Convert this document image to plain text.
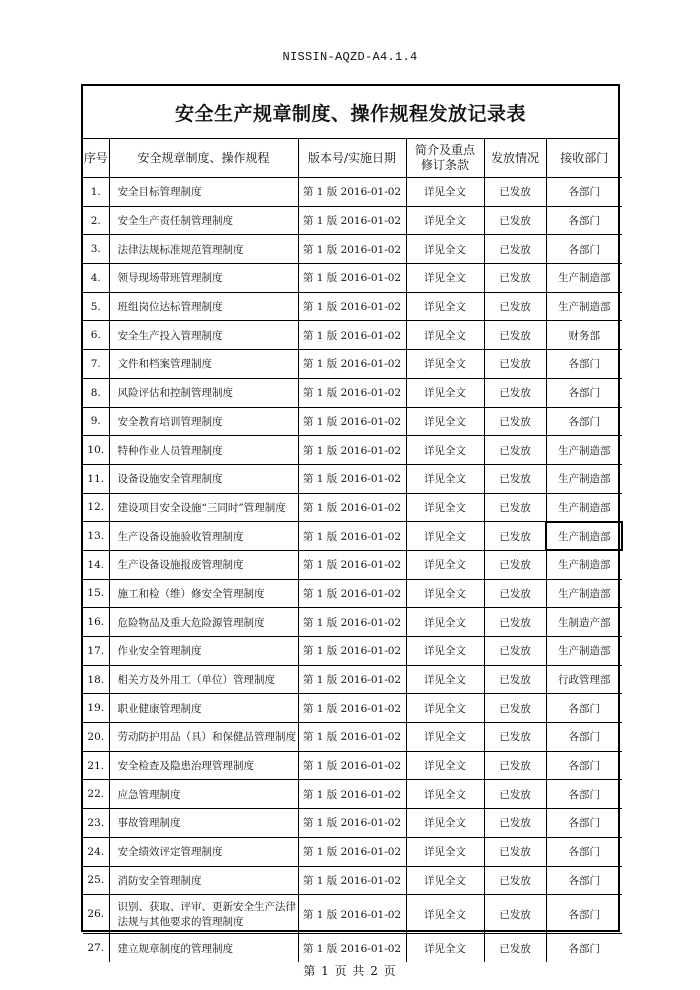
NISSIN-AQZD-A4.1.4
安全生产规章制度、操作规程发放记录表
序号	安全规章制度、操作规程	版本号/实施日期	简介及重点修订条款	发放情况	接收部门
1.	安全目标管理制度	第 1 版 2016-01-02	详见全文	已发放	各部门
2.	安全生产责任制管理制度	第 1 版 2016-01-02	详见全文	已发放	各部门
3.	法律法规标准规范管理制度	第 1 版 2016-01-02	详见全文	已发放	各部门
4.	领导现场带班管理制度	第 1 版 2016-01-02	详见全文	已发放	生产制造部
5.	班组岗位达标管理制度	第 1 版 2016-01-02	详见全文	已发放	生产制造部
6.	安全生产投入管理制度	第 1 版 2016-01-02	详见全文	已发放	财务部
7.	文件和档案管理制度	第 1 版 2016-01-02	详见全文	已发放	各部门
8.	风险评估和控制管理制度	第 1 版 2016-01-02	详见全文	已发放	各部门
9.	安全教育培训管理制度	第 1 版 2016-01-02	详见全文	已发放	各部门
10.	特种作业人员管理制度	第 1 版 2016-01-02	详见全文	已发放	生产制造部
11.	设备设施安全管理制度	第 1 版 2016-01-02	详见全文	已发放	生产制造部
12.	建设项目安全设施“三同时”管理制度	第 1 版 2016-01-02	详见全文	已发放	生产制造部
13.	生产设备设施验收管理制度	第 1 版 2016-01-02	详见全文	已发放	生产制造部
14.	生产设备设施报废管理制度	第 1 版 2016-01-02	详见全文	已发放	生产制造部
15.	施工和检（维）修安全管理制度	第 1 版 2016-01-02	详见全文	已发放	生产制造部
16.	危险物品及重大危险源管理制度	第 1 版 2016-01-02	详见全文	已发放	生制造产部
17.	作业安全管理制度	第 1 版 2016-01-02	详见全文	已发放	生产制造部
18.	相关方及外用工（单位）管理制度	第 1 版 2016-01-02	详见全文	已发放	行政管理部
19.	职业健康管理制度	第 1 版 2016-01-02	详见全文	已发放	各部门
20.	劳动防护用品（具）和保健品管理制度	第 1 版 2016-01-02	详见全文	已发放	各部门
21.	安全检查及隐患治理管理制度	第 1 版 2016-01-02	详见全文	已发放	各部门
22.	应急管理制度	第 1 版 2016-01-02	详见全文	已发放	各部门
23.	事故管理制度	第 1 版 2016-01-02	详见全文	已发放	各部门
24.	安全绩效评定管理制度	第 1 版 2016-01-02	详见全文	已发放	各部门
25.	消防安全管理制度	第 1 版 2016-01-02	详见全文	已发放	各部门
26.	识别、获取、评审、更新安全生产法律法规与其他要求的管理制度	第 1 版 2016-01-02	详见全文	已发放	各部门
27.	建立规章制度的管理制度	第 1 版 2016-01-02	详见全文	已发放	各部门
第 1 页 共 2 页
